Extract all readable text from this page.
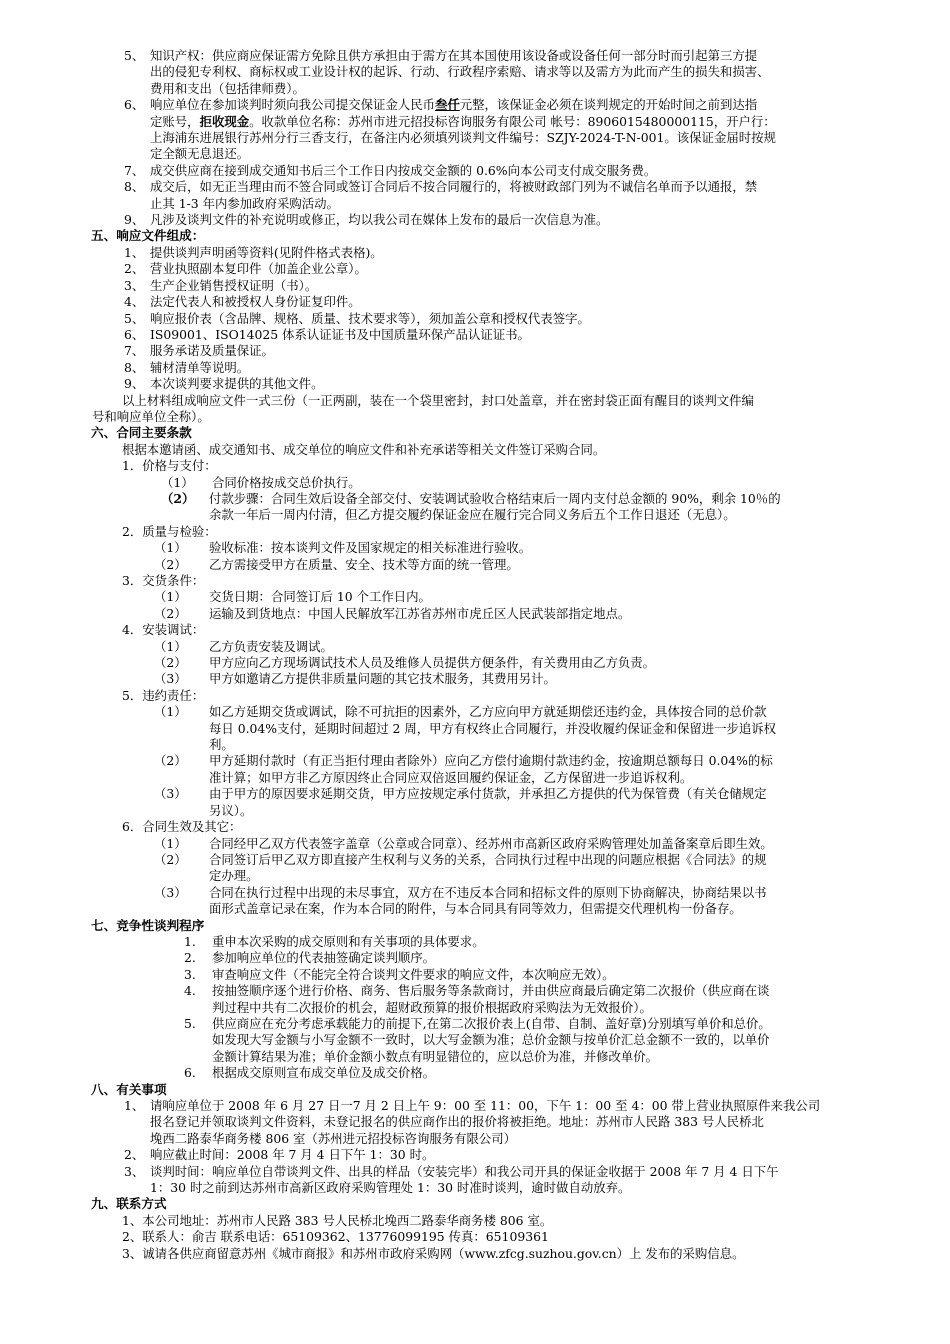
5、 知识产权：供应商应保证需方免除且供方承担由于需方在其本国使用该设备或设备任何一部分时而引起第三方提
出的侵犯专利权、商标权或工业设计权的起诉、行动、行政程序索赔、请求等以及需方为此而产生的损失和损害、
费用和支出（包括律师费）。
6、 响应单位在参加谈判时须向我公司提交保证金人民币叁仟元整，该保证金必须在谈判规定的开始时间之前到达指
定账号，拒收现金。收款单位名称：苏州市进元招投标咨询服务有限公司 帐号：8906015480000115，开户行：
上海浦东进展银行苏州分行三香支行，在备注内必须填列谈判文件编号：SZJY-2024-T-N-001。该保证金届时按规
定全额无息退还。
7、 成交供应商在接到成交通知书后三个工作日内按成交金额的 0.6%向本公司支付成交服务费。
8、 成交后，如无正当理由而不签合同或签订合同后不按合同履行的，将被财政部门列为不诚信名单而予以通报，禁
止其 1-3 年内参加政府采购活动。
9、 凡涉及谈判文件的补充说明或修正，均以我公司在媒体上发布的最后一次信息为准。
五、响应文件组成：
1、 提供谈判声明函等资料(见附件格式表格)。
2、 营业执照副本复印件（加盖企业公章）。
3、 生产企业销售授权证明（书）。
4、 法定代表人和被授权人身份证复印件。
5、 响应报价表（含品牌、规格、质量、技术要求等），须加盖公章和授权代表签字。
6、 IS09001、ISO14025 体系认证证书及中国质量环保产品认证证书。
7、 服务承诺及质量保证。
8、 辅材清单等说明。
9、 本次谈判要求提供的其他文件。
以上材料组成响应文件一式三份（一正两副，装在一个袋里密封，封口处盖章，并在密封袋正面有醒目的谈判文件编
号和响应单位全称）。
六、合同主要条款
根据本邀请函、成交通知书、成交单位的响应文件和补充承诺等相关文件签订采购合同。
1．价格与支付：
（1） 合同价格按成交总价执行。
（2） 付款步骤：合同生效后设备全部交付、安装调试验收合格结束后一周内支付总金额的 90%，剩余 10％的
余款一年后一周内付清，但乙方提交履约保证金应在履行完合同义务后五个工作日退还（无息）。
2．质量与检验：
（1） 验收标准：按本谈判文件及国家规定的相关标准进行验收。
（2） 乙方需接受甲方在质量、安全、技术等方面的统一管理。
3．交货条件：
（1） 交货日期：合同签订后 10 个工作日内。
（2） 运输及到货地点：中国人民解放军江苏省苏州市虎丘区人民武装部指定地点。
4．安装调试：
（1） 乙方负责安装及调试。
（2） 甲方应向乙方现场调试技术人员及维修人员提供方便条件，有关费用由乙方负责。
（3） 甲方如邀请乙方提供非质量问题的其它技术服务，其费用另计。
5．违约责任：
（1） 如乙方延期交货或调试，除不可抗拒的因素外，乙方应向甲方就延期偿还违约金，具体按合同的总价款
每日 0.04%支付，延期时间超过 2 周，甲方有权终止合同履行，并没收履约保证金和保留进一步追诉权
利。
（2） 甲方延期付款时（有正当拒付理由者除外）应向乙方偿付逾期付款违约金，按逾期总额每日 0.04%的标
准计算；如甲方非乙方原因终止合同应双倍返回履约保证金，乙方保留进一步追诉权利。
（3） 由于甲方的原因要求延期交货，甲方应按规定承付货款，并承担乙方提供的代为保管费（有关仓储规定
另议）。
6．合同生效及其它：
（1） 合同经甲乙双方代表签字盖章（公章或合同章）、经苏州市高新区政府采购管理处加盖备案章后即生效。
（2） 合同签订后甲乙双方即直接产生权利与义务的关系，合同执行过程中出现的问题应根据《合同法》的规
定办理。
（3） 合同在执行过程中出现的未尽事宜，双方在不违反本合同和招标文件的原则下协商解决，协商结果以书
面形式盖章记录在案，作为本合同的附件，与本合同具有同等效力，但需提交代理机构一份备存。
七、竞争性谈判程序
1. 重申本次采购的成交原则和有关事项的具体要求。
2. 参加响应单位的代表抽签确定谈判顺序。
3. 审查响应文件（不能完全符合谈判文件要求的响应文件，本次响应无效）。
4. 按抽签顺序逐个进行价格、商务、售后服务等条款商讨，并由供应商最后确定第二次报价（供应商在谈
判过程中共有二次报价的机会，超财政预算的报价根据政府采购法为无效报价）。
5. 供应商应在充分考虑承载能力的前提下,在第二次报价表上(自带、自制、盖好章)分别填写单价和总价。
如发现大写金额与小写金额不一致时，以大写金额为准；总价金额与按单价汇总金额不一致的，以单价
金额计算结果为准；单价金额小数点有明显错位的，应以总价为准，并修改单价。
6. 根据成交原则宣布成交单位及成交价格。
八、有关事项
1、 请响应单位于 2008 年 6 月 27 日一7 月 2 日上午 9：00 至 11：00，下午 1：00 至 4：00 带上营业执照原件来我公司
报名登记并领取谈判文件资料，未登记报名的供应商作出的报价将被拒绝。地址：苏州市人民路 383 号人民桥北
堍西二路泰华商务楼 806 室（苏州进元招投标咨询服务有限公司）
2、 响应截止时间：2008 年 7 月 4 日下午 1：30 时。
3、 谈判时间：响应单位自带谈判文件、出具的样品（安装完毕）和我公司开具的保证金收据于 2008 年 7 月 4 日下午
1：30 时之前到达苏州市高新区政府采购管理处 1：30 时准时谈判，逾时做自动放弃。
九、联系方式
1、本公司地址：苏州市人民路 383 号人民桥北堍西二路泰华商务楼 806 室。
2、联系人：俞吉 联系电话：65109362、13776099195 传真：65109361
3、诚请各供应商留意苏州《城市商报》和苏州市政府采购网（www.zfcg.suzhou.gov.cn）上 发布的采购信息。
